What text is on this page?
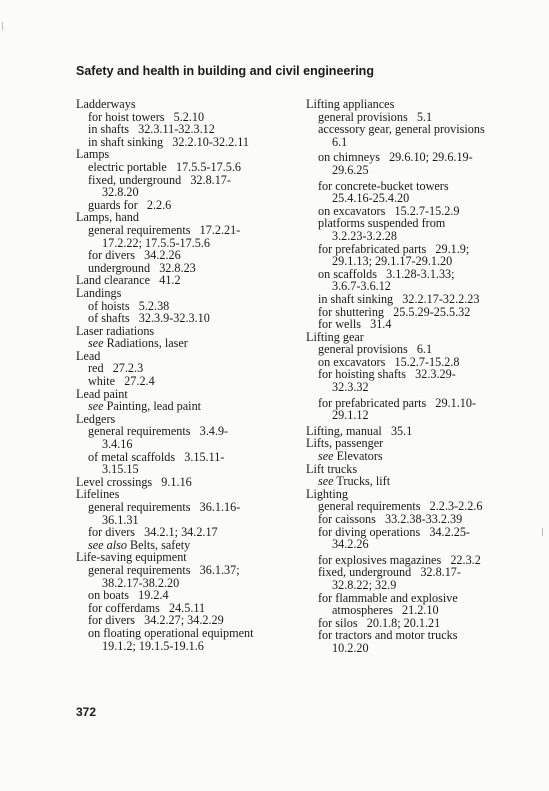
Safety and health in building and civil engineering
Ladderways
for hoist towers   5.2.10
in shafts   32.3.11-32.3.12
in shaft sinking   32.2.10-32.2.11
Lamps
electric portable   17.5.5-17.5.6
fixed, underground   32.8.17-
32.8.20
guards for   2.2.6
Lamps, hand
general requirements   17.2.21-
17.2.22; 17.5.5-17.5.6
for divers   34.2.26
underground   32.8.23
Land clearance   41.2
Landings
of hoists   5.2.38
of shafts   32.3.9-32.3.10
Laser radiations
see Radiations, laser
Lead
red   27.2.3
white   27.2.4
Lead paint
see Painting, lead paint
Ledgers
general requirements   3.4.9-
3.4.16
of metal scaffolds   3.15.11-
3.15.15
Level crossings   9.1.16
Lifelines
general requirements   36.1.16-
36.1.31
for divers   34.2.1; 34.2.17
see also Belts, safety
Life-saving equipment
general requirements   36.1.37;
38.2.17-38.2.20
on boats   19.2.4
for cofferdams   24.5.11
for divers   34.2.27; 34.2.29
on floating operational equipment
19.1.2; 19.1.5-19.1.6
Lifting appliances
general provisions   5.1
accessory gear, general provisions
6.1
on chimneys   29.6.10; 29.6.19-
29.6.25
for concrete-bucket towers
25.4.16-25.4.20
on excavators   15.2.7-15.2.9
platforms suspended from
3.2.23-3.2.28
for prefabricated parts   29.1.9;
29.1.13; 29.1.17-29.1.20
on scaffolds   3.1.28-3.1.33;
3.6.7-3.6.12
in shaft sinking   32.2.17-32.2.23
for shuttering   25.5.29-25.5.32
for wells   31.4
Lifting gear
general provisions   6.1
on excavators   15.2.7-15.2.8
for hoisting shafts   32.3.29-
32.3.32
for prefabricated parts   29.1.10-
29.1.12
Lifting, manual   35.1
Lifts, passenger
see Elevators
Lift trucks
see Trucks, lift
Lighting
general requirements   2.2.3-2.2.6
for caissons   33.2.38-33.2.39
for diving operations   34.2.25-
34.2.26
for explosives magazines   22.3.2
fixed, underground   32.8.17-
32.8.22; 32.9
for flammable and explosive
atmospheres   21.2.10
for silos   20.1.8; 20.1.21
for tractors and motor trucks
10.2.20
372
